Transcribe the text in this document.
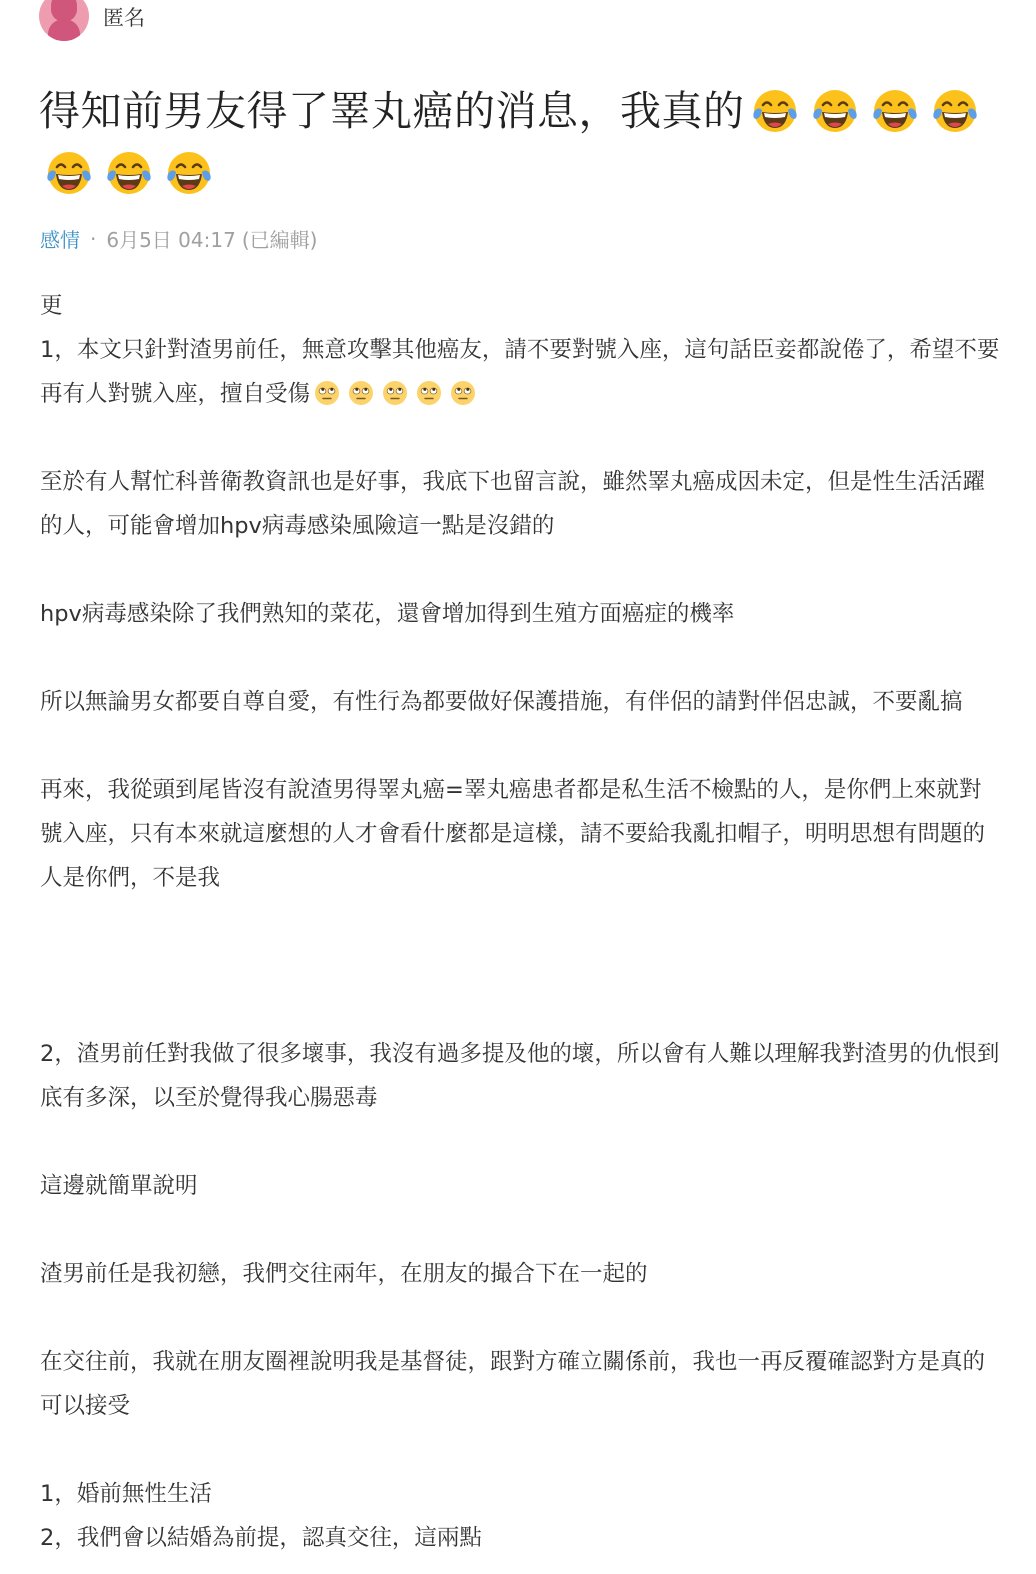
匿名
得知前男友得了睪丸癌的消息，我真的
感情 · 6月5日 04:17 (已編輯)

更

1，本文只針對渣男前任，無意攻擊其他癌友，請不要對號入座，這句話臣妾都說倦了，希望不要再有人對號入座，擅自受傷

至於有人幫忙科普衛教資訊也是好事，我底下也留言說，雖然睪丸癌成因未定，但是性生活活躍的人，可能會增加hpv病毒感染風險這一點是沒錯的

hpv病毒感染除了我們熟知的菜花，還會增加得到生殖方面癌症的機率

所以無論男女都要自尊自愛，有性行為都要做好保護措施，有伴侶的請對伴侶忠誠，不要亂搞

再來，我從頭到尾皆沒有說渣男得睪丸癌=睪丸癌患者都是私生活不檢點的人，是你們上來就對號入座，只有本來就這麼想的人才會看什麼都是這樣，請不要給我亂扣帽子，明明思想有問題的人是你們，不是我

2，渣男前任對我做了很多壞事，我沒有過多提及他的壞，所以會有人難以理解我對渣男的仇恨到底有多深，以至於覺得我心腸惡毒

這邊就簡單說明

渣男前任是我初戀，我們交往兩年，在朋友的撮合下在一起的

在交往前，我就在朋友圈裡說明我是基督徒，跟對方確立關係前，我也一再反覆確認對方是真的可以接受

1，婚前無性生活

2，我們會以結婚為前提，認真交往，這兩點
